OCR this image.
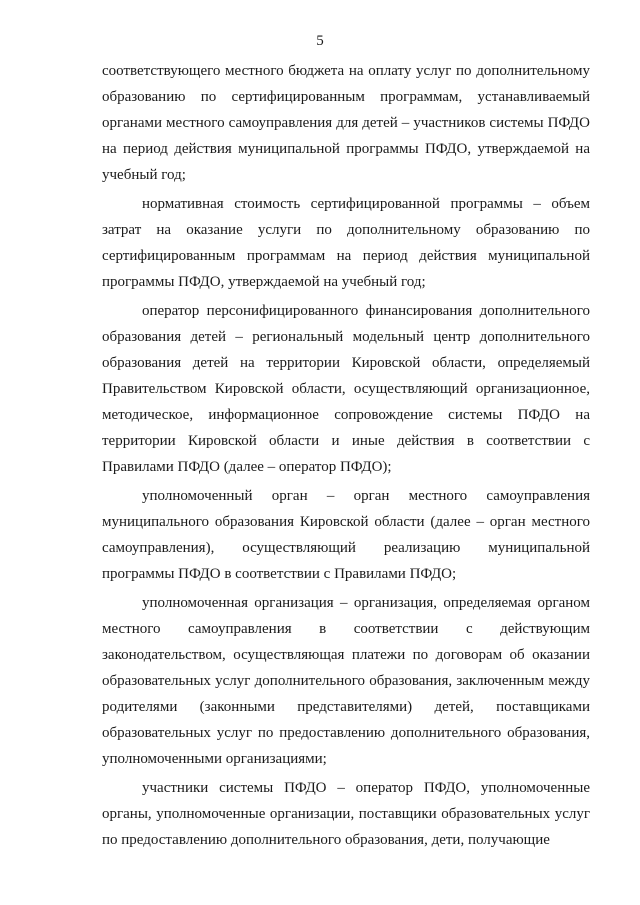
5

соответствующего местного бюджета на оплату услуг по дополнительному образованию по сертифицированным программам, устанавливаемый органами местного самоуправления для детей – участников системы ПФДО на период действия муниципальной программы ПФДО, утверждаемой на учебный год;

нормативная стоимость сертифицированной программы – объем затрат на оказание услуги по дополнительному образованию по сертифицированным программам на период действия муниципальной программы ПФДО, утверждаемой на учебный год;

оператор персонифицированного финансирования дополнительного образования детей – региональный модельный центр дополнительного образования детей на территории Кировской области, определяемый Правительством Кировской области, осуществляющий организационное, методическое, информационное сопровождение системы ПФДО на территории Кировской области и иные действия в соответствии с Правилами ПФДО (далее – оператор ПФДО);

уполномоченный орган – орган местного самоуправления муниципального образования Кировской области (далее – орган местного самоуправления), осуществляющий реализацию муниципальной программы ПФДО в соответствии с Правилами ПФДО;

уполномоченная организация – организация, определяемая органом местного самоуправления в соответствии с действующим законодательством, осуществляющая платежи по договорам об оказании образовательных услуг дополнительного образования, заключенным между родителями (законными представителями) детей, поставщиками образовательных услуг по предоставлению дополнительного образования, уполномоченными организациями;

участники системы ПФДО – оператор ПФДО, уполномоченные органы, уполномоченные организации, поставщики образовательных услуг по предоставлению дополнительного образования, дети, получающие
